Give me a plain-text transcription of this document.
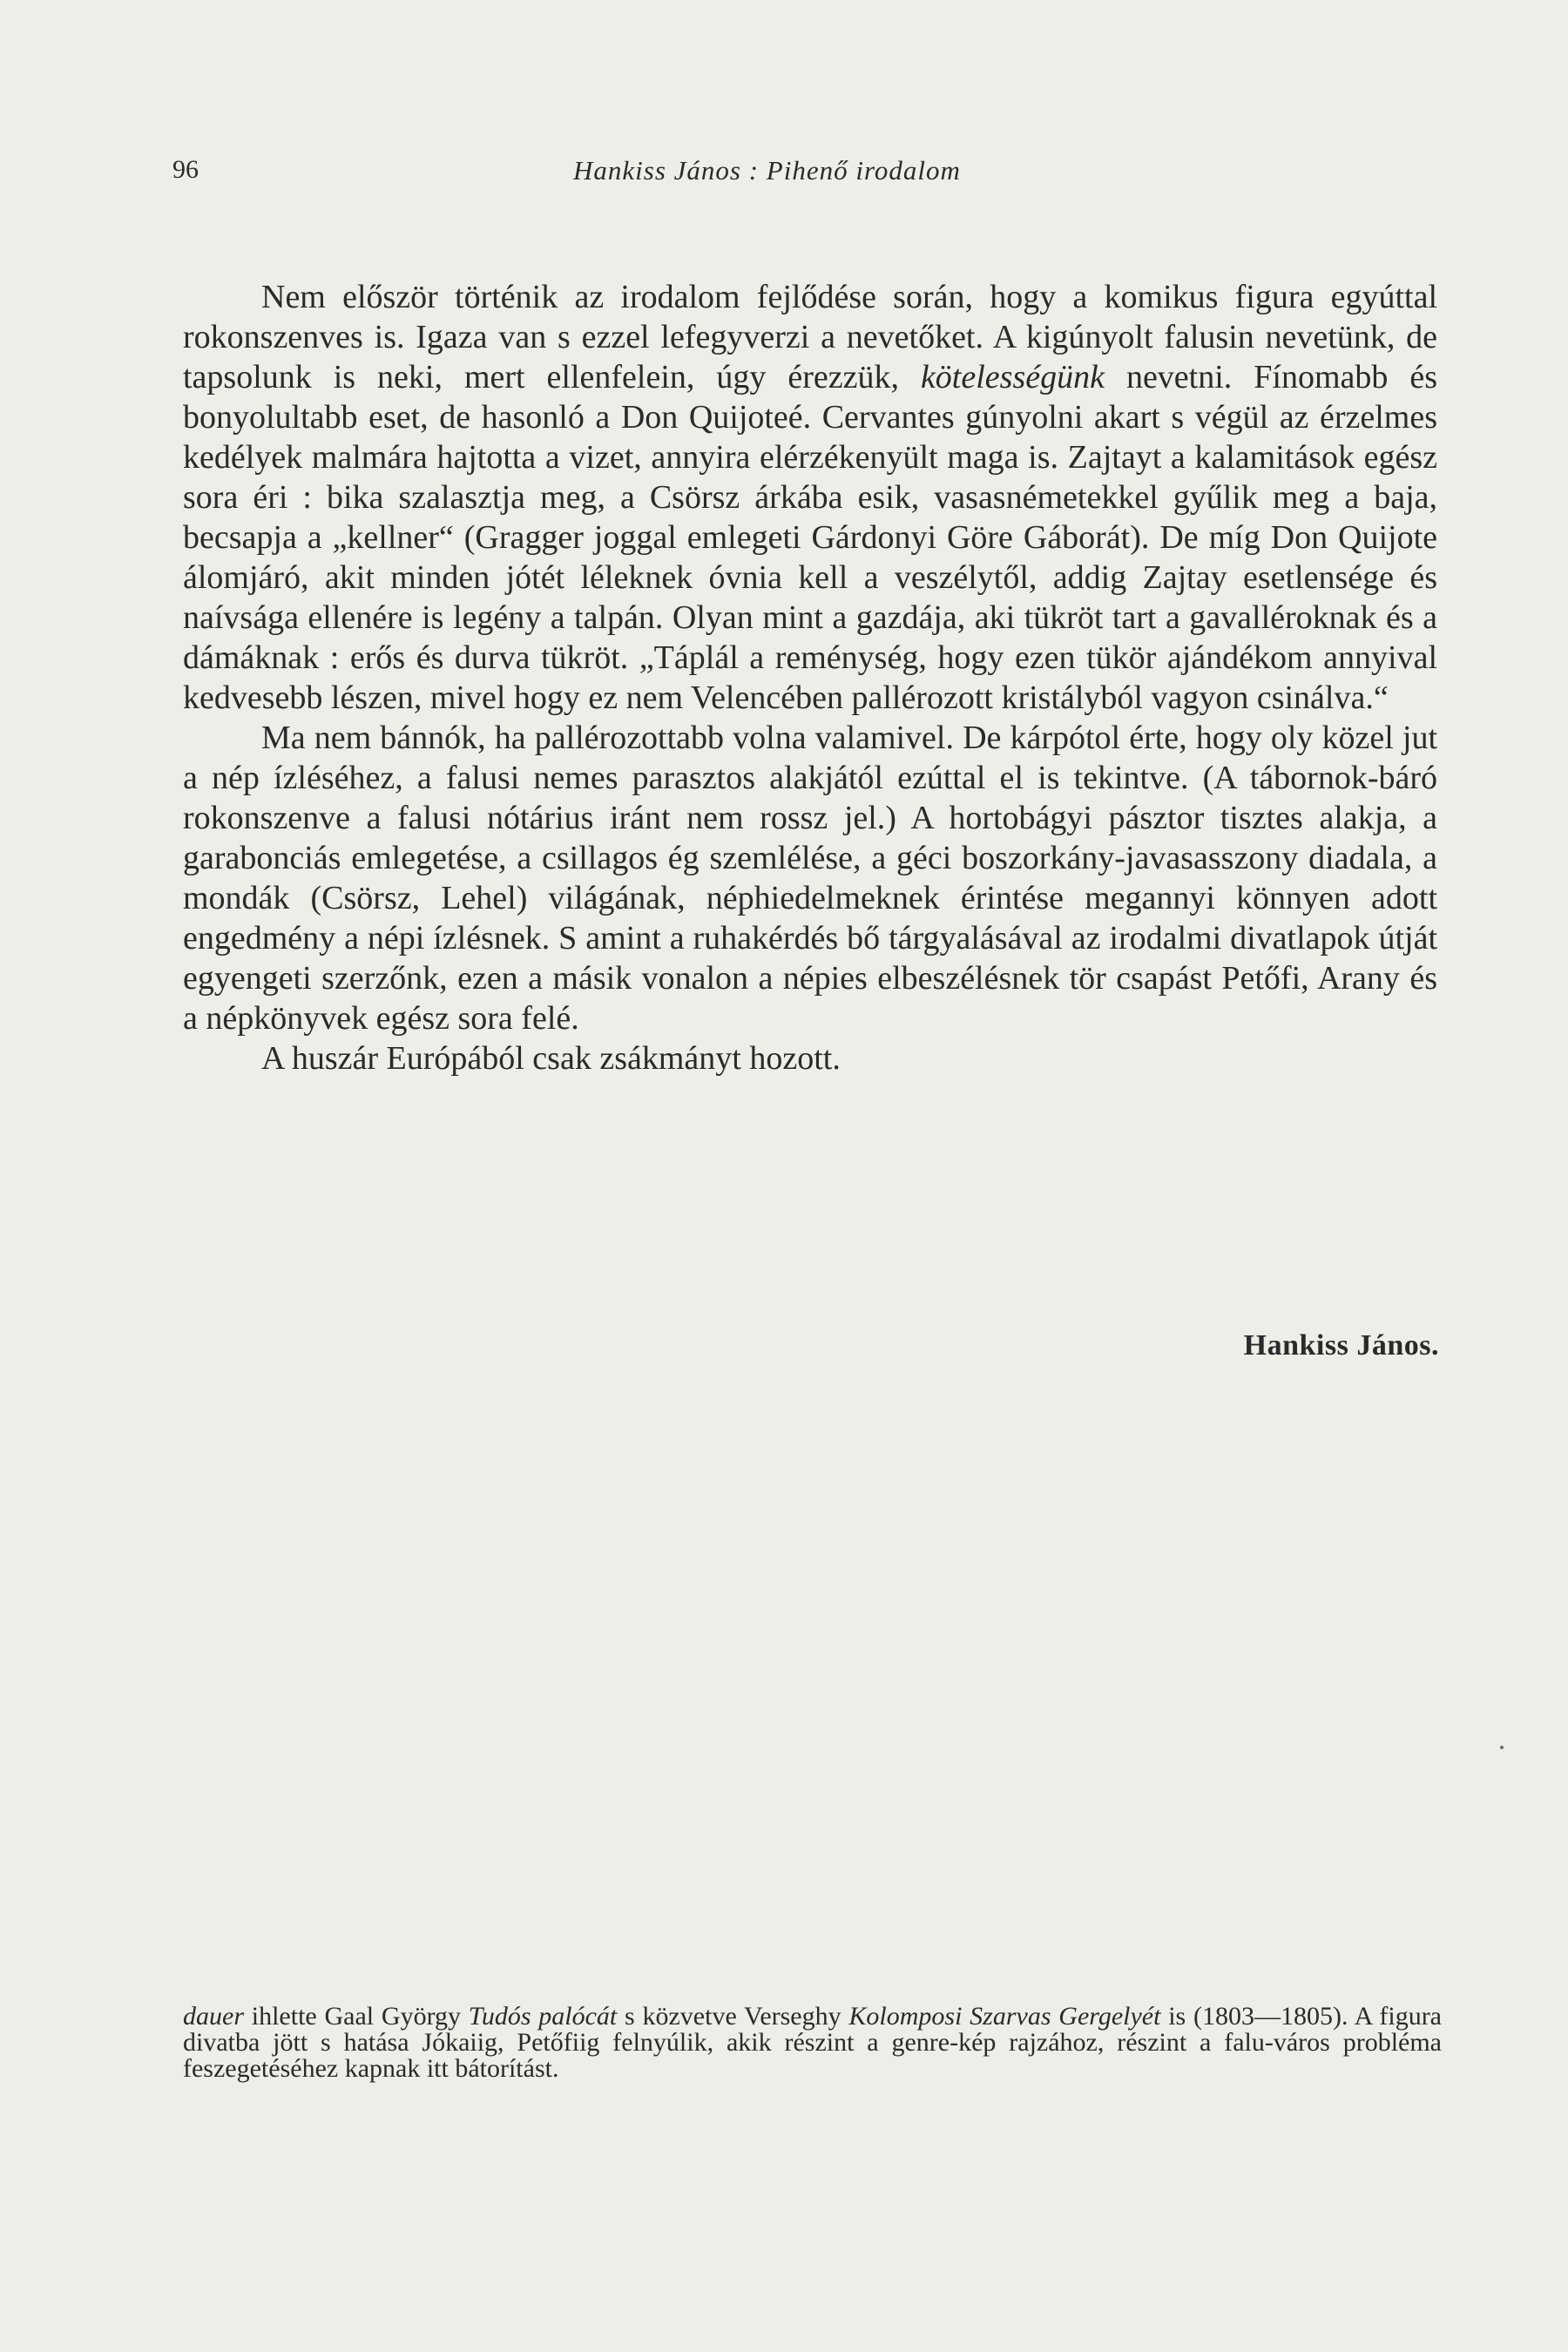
96	Hankiss János : Pihenő irodalom

Nem először történik az irodalom fejlődése során, hogy a komikus figura egyúttal rokonszenves is. Igaza van s ezzel lefegyverzi a nevetőket. A kigúnyolt falusin nevetünk, de tapsolunk is neki, mert ellenfelein, úgy érezzük, kötelességünk nevetni. Fínomabb és bonyolultabb eset, de hasonló a Don Quijoteé. Cervantes gúnyolni akart s végül az érzelmes kedélyek malmára hajtotta a vizet, annyira elérzékenyült maga is. Zajtayt a kalamitások egész sora éri : bika szalasztja meg, a Csörsz árkába esik, vasasnémetekkel gyűlik meg a baja, becsapja a „kellner“ (Gragger joggal emlegeti Gárdonyi Göre Gáborát). De míg Don Quijote álomjáró, akit minden jótét léleknek óvnia kell a veszélytől, addig Zajtay esetlensége és naívsága ellenére is legény a talpán. Olyan mint a gazdája, aki tükröt tart a gavalléroknak és a dámáknak : erős és durva tükröt. „Táplál a reménység, hogy ezen tükör ajándékom annyival kedvesebb lészen, mivel hogy ez nem Velencében pallérozott kristályból vagyon csinálva.“

Ma nem bánnók, ha pallérozottabb volna valamivel. De kárpótol érte, hogy oly közel jut a nép ízléséhez, a falusi nemes parasztos alakjától ezúttal el is tekintve. (A tábornok-báró rokonszenve a falusi nótárius iránt nem rossz jel.) A hortobágyi pásztor tisztes alakja, a garabonciás emlegetése, a csillagos ég szemlélése, a géci boszorkány-javasasszony diadala, a mondák (Csörsz, Lehel) világának, néphiedelmeknek érintése megannyi könnyen adott engedmény a népi ízlésnek. S amint a ruhakérdés bő tárgyalásával az irodalmi divatlapok útját egyengeti szerzőnk, ezen a másik vonalon a népies elbeszélésnek tör csapást Petőfi, Arany és a népkönyvek egész sora felé.

A huszár Európából csak zsákmányt hozott.

Hankiss János.

dauer ihlette Gaal György Tudós palócát s közvetve Verseghy Kolomposi Szarvas Gergelyét is (1803—1805). A figura divatba jött s hatása Jókaiig, Petőfiig felnyúlik, akik részint a genre-kép rajzához, részint a falu-város probléma feszegetéséhez kapnak itt bátorítást.
